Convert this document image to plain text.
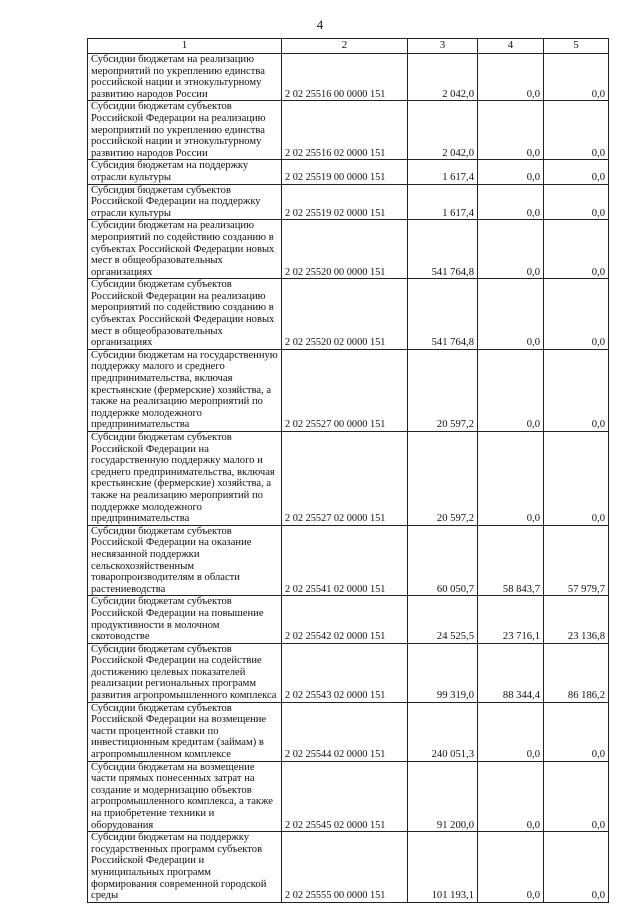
4
1	2	3	4	5
Субсидии бюджетам на реализацию мероприятий по укреплению единства российской нации и этнокультурному развитию народов России	2 02 25516 00 0000 151	2 042,0	0,0	0,0
Субсидии бюджетам субъектов Российской Федерации на реализацию мероприятий по укреплению единства российской нации и этнокультурному развитию народов России	2 02 25516 02 0000 151	2 042,0	0,0	0,0
Субсидия бюджетам на поддержку отрасли культуры	2 02 25519 00 0000 151	1 617,4	0,0	0,0
Субсидия бюджетам субъектов Российской Федерации на поддержку отрасли культуры	2 02 25519 02 0000 151	1 617,4	0,0	0,0
Субсидии бюджетам на реализацию мероприятий по содействию созданию в субъектах Российской Федерации новых мест в общеобразовательных организациях	2 02 25520 00 0000 151	541 764,8	0,0	0,0
Субсидии бюджетам субъектов Российской Федерации на реализацию мероприятий по содействию созданию в субъектах Российской Федерации новых мест в общеобразовательных организациях	2 02 25520 02 0000 151	541 764,8	0,0	0,0
Субсидии бюджетам на государственную поддержку малого и среднего предпринимательства, включая крестьянские (фермерские) хозяйства, а также на реализацию мероприятий по поддержке молодежного предпринимательства	2 02 25527 00 0000 151	20 597,2	0,0	0,0
Субсидии бюджетам субъектов Российской Федерации на государственную поддержку малого и среднего предпринимательства, включая крестьянские (фермерские) хозяйства, а также на реализацию мероприятий по поддержке молодежного предпринимательства	2 02 25527 02 0000 151	20 597,2	0,0	0,0
Субсидии бюджетам субъектов Российской Федерации на оказание несвязанной поддержки сельскохозяйственным товаропроизводителям в области растениеводства	2 02 25541 02 0000 151	60 050,7	58 843,7	57 979,7
Субсидии бюджетам субъектов Российской Федерации на повышение продуктивности в молочном скотоводстве	2 02 25542 02 0000 151	24 525,5	23 716,1	23 136,8
Субсидии бюджетам субъектов Российской Федерации на содействие достижению целевых показателей реализации региональных программ развития агропромышленного комплекса	2 02 25543 02 0000 151	99 319,0	88 344,4	86 186,2
Субсидии бюджетам субъектов Российской Федерации на возмещение части процентной ставки по инвестиционным кредитам (займам) в агропромышленном комплексе	2 02 25544 02 0000 151	240 051,3	0,0	0,0
Субсидии бюджетам на возмещение части прямых понесенных затрат на создание и модернизацию объектов агропромышленного комплекса, а также на приобретение техники и оборудования	2 02 25545 02 0000 151	91 200,0	0,0	0,0
Субсидии бюджетам на поддержку государственных программ субъектов Российской Федерации и муниципальных программ формирования современной городской среды	2 02 25555 00 0000 151	101 193,1	0,0	0,0
